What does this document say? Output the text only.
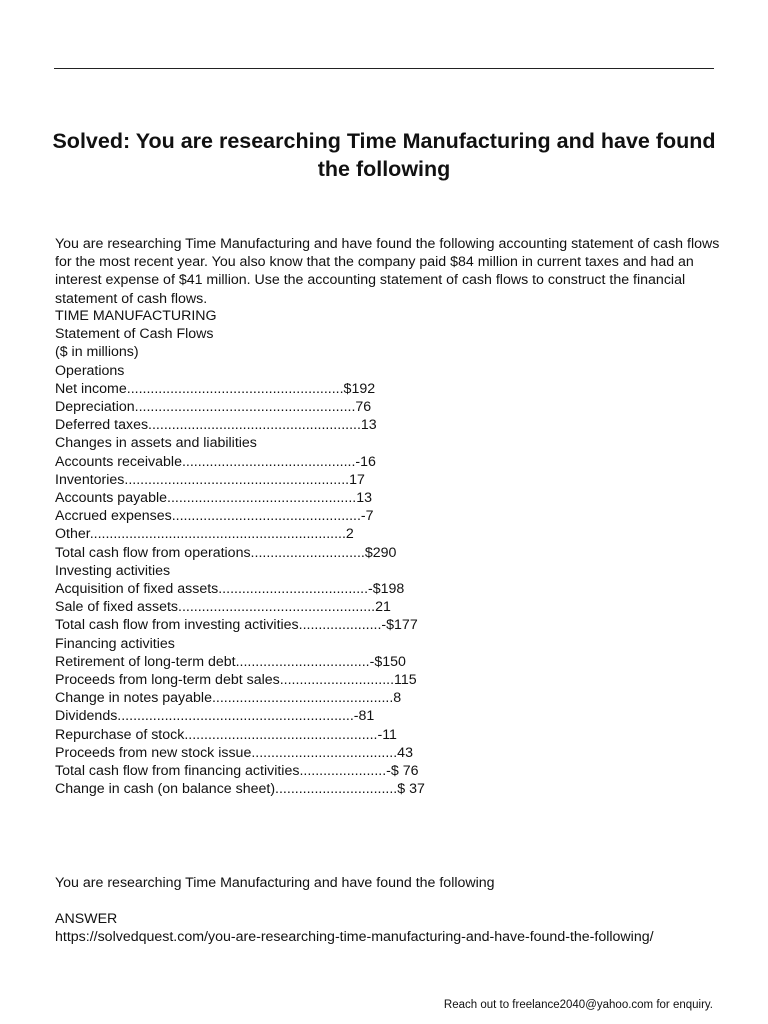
Solved: You are researching Time Manufacturing and have found the following

You are researching Time Manufacturing and have found the following accounting statement of cash flows for the most recent year. You also know that the company paid $84 million in current taxes and had an interest expense of $41 million. Use the accounting statement of cash flows to construct the financial statement of cash flows.

TIME MANUFACTURING
Statement of Cash Flows
($ in millions)
Operations
Net income.......................................................$192
Depreciation........................................................76
Deferred taxes......................................................13
Changes in assets and liabilities
Accounts receivable............................................-16
Inventories.........................................................17
Accounts payable................................................13
Accrued expenses................................................-7
Other.................................................................2
Total cash flow from operations.............................$290
Investing activities
Acquisition of fixed assets......................................-$198
Sale of fixed assets..................................................21
Total cash flow from investing activities.....................-$177
Financing activities
Retirement of long-term debt..................................-$150
Proceeds from long-term debt sales.............................115
Change in notes payable..............................................8
Dividends............................................................-81
Repurchase of stock.................................................-11
Proceeds from new stock issue.....................................43
Total cash flow from financing activities......................-$ 76
Change in cash (on balance sheet)...............................$ 37

You are researching Time Manufacturing and have found the following

ANSWER
https://solvedquest.com/you-are-researching-time-manufacturing-and-have-found-the-following/
Reach out to freelance2040@yahoo.com for enquiry.
